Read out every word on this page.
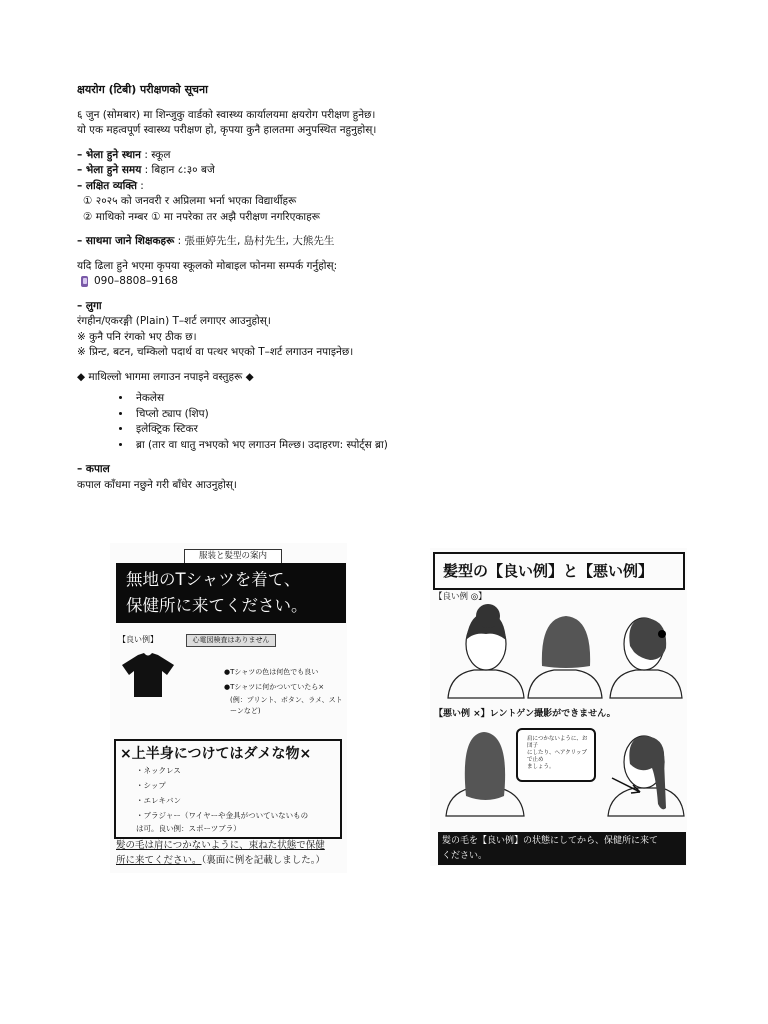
क्षयरोग (टिबी) परीक्षणको सूचना

६ जुन (सोमबार) मा शिन्जुकु वार्डको स्वास्थ्य कार्यालयमा क्षयरोग परीक्षण हुनेछ।

यो एक महत्वपूर्ण स्वास्थ्य परीक्षण हो, कृपया कुनै हालतमा अनुपस्थित नहुनुहोस्।

– भेला हुने स्थान : स्कूल

– भेला हुने समय : बिहान ८:३० बजे

– लक्षित व्यक्ति :

① २०२५ को जनवरी र अप्रिलमा भर्ना भएका विद्यार्थीहरू

② माथिको नम्बर ① मा नपरेका तर अझै परीक्षण नगरिएकाहरू

– साथमा जाने शिक्षकहरू : 張亜婷先生, 島村先生, 大熊先生

यदि ढिला हुने भएमा कृपया स्कूलको मोबाइल फोनमा सम्पर्क गर्नुहोस्:

090–8808–9168

– लुगा

रंगहीन/एकरङ्गी (Plain) T–शर्ट लगाएर आउनुहोस्।

※ कुनै पनि रंगको भए ठीक छ।

※ प्रिन्ट, बटन, चम्किलो पदार्थ वा पत्थर भएको T–शर्ट लगाउन नपाइनेछ।

◆ माथिल्लो भागमा लगाउन नपाइने वस्तुहरू ◆

• नेकलेस
• चिप्लो ट्याप (शिप)
• इलेक्ट्रिक स्टिकर
• ब्रा (तार वा धातु नभएको भए लगाउन मिल्छ। उदाहरण: स्पोर्ट्स ब्रा)

– कपाल

कपाल काँधमा नछुने गरी बाँधेर आउनुहोस्।

服装と髪型の案内
無地のTシャツを着て、
保健所に来てください。
【良い例】	心電図検査はありません
●Tシャツの色は何色でも良い
●Tシャツに何かついていたら×
(例：プリント、ボタン、ラメ、スト
ーンなど)
×上半身につけてはダメな物×
・ネックレス
・シップ
・エレキバン
・ブラジャー（ワイヤーや金具がついていないもの
は可。良い例：スポーツブラ）
髪の毛は肩につかないように、束ねた状態で保健
所に来てください。（裏面に例を記載しました。）
髪型の【良い例】と【悪い例】
【良い例 ◎】
【悪い例 ×】レントゲン撮影ができません。
肩につかないように、お団子
にしたり、ヘアクリップで止め
ましょう。
髪の毛を【良い例】の状態にしてから、保健所に来て
ください。
